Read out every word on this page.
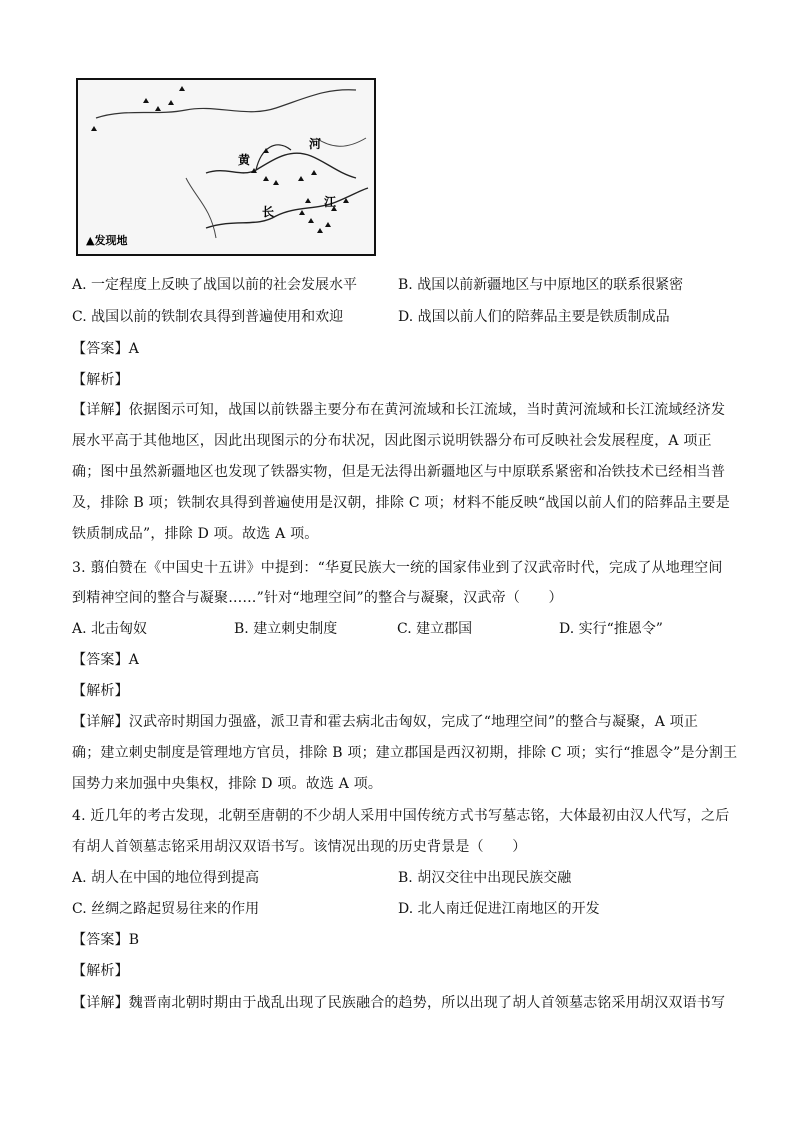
黄
河
长
江
▲发现地
A. 一定程度上反映了战国以前的社会发展水平	B. 战国以前新疆地区与中原地区的联系很紧密
C. 战国以前的铁制农具得到普遍使用和欢迎	D. 战国以前人们的陪葬品主要是铁质制成品
【答案】A
【解析】
【详解】依据图示可知，战国以前铁器主要分布在黄河流域和长江流域，当时黄河流域和长江流域经济发
展水平高于其他地区，因此出现图示的分布状况，因此图示说明铁器分布可反映社会发展程度，A 项正
确；图中虽然新疆地区也发现了铁器实物，但是无法得出新疆地区与中原联系紧密和冶铁技术已经相当普
及，排除 B 项；铁制农具得到普遍使用是汉朝，排除 C 项；材料不能反映“战国以前人们的陪葬品主要是
铁质制成品”，排除 D 项。故选 A 项。
3. 翦伯赞在《中国史十五讲》中提到：“华夏民族大一统的国家伟业到了汉武帝时代，完成了从地理空间
到精神空间的整合与凝聚……”针对“地理空间”的整合与凝聚，汉武帝（　　）
A. 北击匈奴	B. 建立刺史制度	C. 建立郡国	D. 实行“推恩令”
【答案】A
【解析】
【详解】汉武帝时期国力强盛，派卫青和霍去病北击匈奴，完成了“地理空间”的整合与凝聚，A 项正
确；建立刺史制度是管理地方官员，排除 B 项；建立郡国是西汉初期，排除 C 项；实行“推恩令”是分割王
国势力来加强中央集权，排除 D 项。故选 A 项。
4. 近几年的考古发现，北朝至唐朝的不少胡人采用中国传统方式书写墓志铭，大体最初由汉人代写，之后
有胡人首领墓志铭采用胡汉双语书写。该情况出现的历史背景是（　　）
A. 胡人在中国的地位得到提高	B. 胡汉交往中出现民族交融
C. 丝绸之路起贸易往来的作用	D. 北人南迁促进江南地区的开发
【答案】B
【解析】
【详解】魏晋南北朝时期由于战乱出现了民族融合的趋势，所以出现了胡人首领墓志铭采用胡汉双语书写
